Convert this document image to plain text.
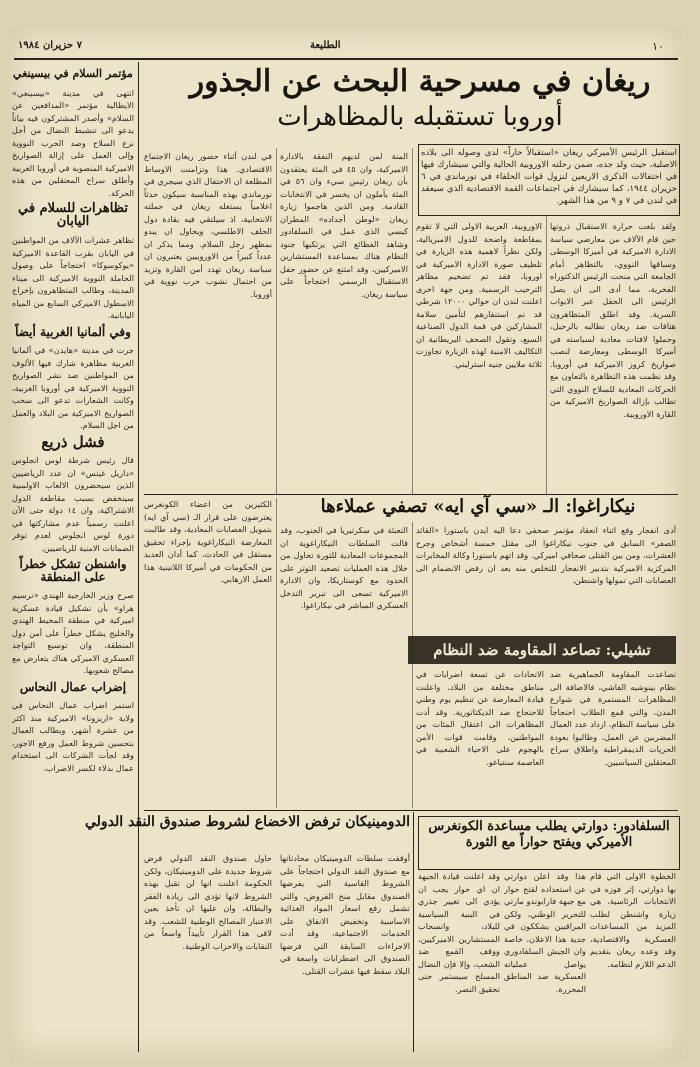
١٠
الطليعة
٧ حزيران ١٩٨٤
مؤتمر السلام في بيسينغي

انتهى في مدينة «بيسينغي» الايطالية مؤتمر «المدافعين عن السلام» وأصدر المشتركون فيه بياناً يدعو الى تنشيط النضال من أجل نزع السلاح وضد الحرب النووية وإلى العمل على إزالة الصواريخ الاميركية المنصوبة في أوروبا الغربية وأطلق سراح المعتقلين من هذه الحركة.

تظاهرات للسلام في اليابان

تظاهر عشرات الآلاف من المواطنين في اليابان بقرب القاعدة الاميركية «يوكوسوكا» احتجاجاً على وصول الحاملة النووية الاميركية الى ميناء المدينة، وطالب المتظاهرون بإخراج الاسطول الاميركي السابع من المياه اليابانية.

وفي ألمانيا الغربية أيضاً

جرت في مدينة «هايدن» في ألمانيا الغربية مظاهرة شارك فيها الألوف من المواطنين ضد نشر الصواريخ النووية الاميركية في أوروبا الغربية، وكانت الشعارات تدعو الى سحب الصواريخ الاميركية من البلاد والعمل من اجل السلام.

فشل ذريع

قال رئيس شرطة لوس انجلوس «داريل غيتس» ان عدد الرياضيين الذين سيحضرون الالعاب الاولمبية سينخفض بسبب مقاطعة الدول الاشتراكية، وان ١٤ دولة حتى الآن اعلنت رسمياً عدم مشاركتها في دورة لوس انجلوس لعدم توفر الضمانات الامنية للرياضيين.

واشنطن تشكل خطراً على المنطقة

صرح وزير الخارجية الهندي «نرسيم هراو» بأن تشكيل قيادة عسكرية اميركية في منطقة المحيط الهندي والخليج يشكل خطراً على أمن دول المنطقة، وان توسيع التواجد العسكري الاميركي هناك يتعارض مع مصالح شعوبها.

إضراب عمال النحاس

استمر اضراب عمال النحاس في ولاية «اريزونا» الاميركية منذ اكثر من عشرة أشهر، ويطالب العمال بتحسين شروط العمل ورفع الاجور، وقد لجأت الشركات الى استخدام عمال بدلاء لكسر الاضراب.

ريغان في مسرحية البحث عن الجذور
أوروبا تستقبله بالمظاهرات
استقبل الرئيس الأميركي ريغان «استقبالاً حاراً» لدى وصوله الى بلاده الاصلية، حيث ولد جده، ضمن رحلته الاوروبية الحالية والتي سيشارك فيها في احتفالات الذكرى الاربعين لنزول قوات الحلفاء في نورماندي في ٦ حزيران ١٩٤٤، كما سيشارك في اجتماعات القمة الاقتصادية الذي سيعقد في لندن في ٧ و ٩ من هذا الشهر.
ولقد بلغت حرارة الاستقبال ذروتها حين قام الآلاف من معارضي سياسة الادارة الاميركية في أميركا الوسطى وسباقها النووي، بالتظاهر أمام الجامعة التي منحت الرئيس الدكتوراه الفخرية، مما أدى الى ان يصل الرئيس الى الحفل عبر الابواب السرية. وقد اطلق المتظاهرون هتافات ضد ريغان تطالبه بالرحيل، وحملوا لافتات معادية لسياسته في أميركا الوسطى ومعارضة لنصب صواريخ كروز الاميركية في أوروبا. وقد نظمت هذه التظاهرة بالتعاون مع الحركات المعادية للسلاح النووي التي تطالب بإزالة الصواريخ الاميركية من القارة الاوروبية.
الاوروبية، العربية الاولى التي لا تقوم بمقاطعة واضحة للدول الامبريالية، ولكن نظراً لاهمية هذه الزيارة في تلطيف صورة الادارة الاميركية في اوروبا، فقد تم تضخيم مظاهر الترحيب الرسمية. ومن جهة اخرى اعلنت لندن ان حوالي ١٢٠٠٠ شرطي قد تم استنفارهم لتأمين سلامة المشاركين في قمة الدول الصناعية السبع، وتقول الصحف البريطانية ان التكاليف الامنية لهذه الزيارة تجاوزت ثلاثة ملايين جنيه استرليني.
المنة لمن لديهم النفقة بالادارة الاميركية، وان ٤٥ في المئة يعتقدون بأن ريغان رئيس سيء وان ٥٦ في المئة يأملون ان يخسر في الانتخابات القادمة. ومن الذين هاجموا زيارة ريغان «لوطن أجداده» المطران كيسي الذي عمل في السلفادور وشاهد الفظائع التي يرتكبها جنود النظام هناك بمساعدة المستشارين الاميركيين، وقد امتنع عن حضور حفل الاستقبال الرسمي احتجاجاً على سياسة ريغان.
في لندن أثناء حضور ريغان الاجتماع الاقتصادي. هذا وتزامنت الاوساط المطلعة ان الاحتفال الذي سيجري في نورماندي بهذه المناسبة سيكون حدثاً اعلامياً يستغله ريغان في حملته الانتخابية، اذ سيلتقي فيه بقادة دول الحلف الاطلسي، ويحاول ان يبدو بمظهر رجل السلام. ومما يذكر ان عدداً كبيراً من الاوروبيين يعتبرون ان سياسة ريغان تهدد أمن القارة وتزيد من احتمال نشوب حرب نووية في أوروبا.
نيكاراغوا: الـ «سي آي ايه» تصفي عملاءها
أدى انفجار وقع اثناء انعقاد مؤتمر صحفي دعا اليه ايدن باستورا «القائد الصفر» السابق في جنوب نيكاراغوا الى مقتل خمسة أشخاص وجرح العشرات، ومن بين القتلى صحافي اميركي. وقد اتهم باستورا وكالة المخابرات المركزية الاميركية بتدبير الانفجار للتخلص منه بعد ان رفض الانضمام الى العصابات التي تمولها واشنطن.
التعبئة في سكرتيريا في الجنوب، وقد قالت السلطات النيكاراغوية ان المجموعات المعادية للثورة تحاول من خلال هذه العمليات تصعيد التوتر على الحدود مع كوستاريكا، وان الادارة الاميركية تسعى الى تبرير التدخل العسكري المباشر في نيكاراغوا.
الكثيرين من اعضاء الكونغرس يعترضون على قرار الـ (سي آي ايه) بتمويل العصابات المعادية، وقد طالبت المعارضة النيكاراغوية بإجراء تحقيق مستقل في الحادث، كما أدان العديد من الحكومات في أميركا اللاتينية هذا العمل الارهابي.
تشيلي: تصاعد المقاومة ضد النظام
تصاعدت المقاومة الجماهيرية ضد نظام بينوشيه الفاشي، فالاضافة الى المظاهرات المستمرة في شوارع المدن، والتي قمع الطلاب احتجاجاً على سياسة النظام، ازداد عدد العمال المضربين عن العمل، وطالبوا بعودة الحريات الديمقراطية واطلاق سراح المعتقلين السياسيين.
الاتحادات عن تسعة اضرابات في مناطق مختلفة من البلاد، واعلنت قيادة المعارضة عن تنظيم يوم وطني للاحتجاج ضد الديكتاتورية. وقد أدت المظاهرات الى اعتقال المئات من المواطنين، وقامت قوات الأمن بالهجوم على الاحياء الشعبية في العاصمة سنتياغو.
الدومينيكان ترفض الاخضاع لشروط صندوق النقد الدولي
أوقفت سلطات الدومينيكان محادثاتها مع صندوق النقد الدولي احتجاجاً على الشروط القاسية التي يفرضها الصندوق مقابل منح القروض، والتي تشمل رفع اسعار المواد الغذائية الاساسية وتخفيض الانفاق على الخدمات الاجتماعية، وقد أدت الاجراءات السابقة التي فرضها الصندوق الى اضطرابات واسعة في البلاد سقط فيها عشرات القتلى.
حاول صندوق النقد الدولي فرض شروط جديدة على الدومينيكان، ولكن الحكومة اعلنت انها لن تقبل بهذه الشروط لانها تؤدي الى زيادة الفقر والبطالة، وان عليها ان تأخذ بعين الاعتبار المصالح الوطنية للشعب. وقد لاقى هذا القرار تأييداً واسعاً من النقابات والاحزاب الوطنية.
السلفادور: دوارتي يطلب مساعدة الكونغرس الأميركي ويفتح حواراً مع الثورة
الخطوة الاولى التي قام بها دوارتي، إثر فوزه في الانتخابات الرئاسية، هي زيارة واشنطن لطلب المزيد من المساعدات العسكرية والاقتصادية، وقد وعده ريغان بتقديم الدعم اللازم لنظامه.
هذا وقد اعلن دوارتي عن استعداده لفتح حوار مع جبهة فارابوندو مارتي للتحرير الوطني، ولكن المراقبين يشككون في جدية هذا الاعلان، خاصة وان الجيش السلفادوري يواصل عملياته العسكرية ضد المناطق المحررة.
وقد اعلنت قيادة الجبهة ان اي حوار يجب ان يؤدي الى تغيير جذري في البنية السياسية للبلاد، وانسحاب المستشارين الاميركيين، ووقف القمع ضد الشعب، وإلا فإن النضال المسلح سيستمر حتى تحقيق النصر.
